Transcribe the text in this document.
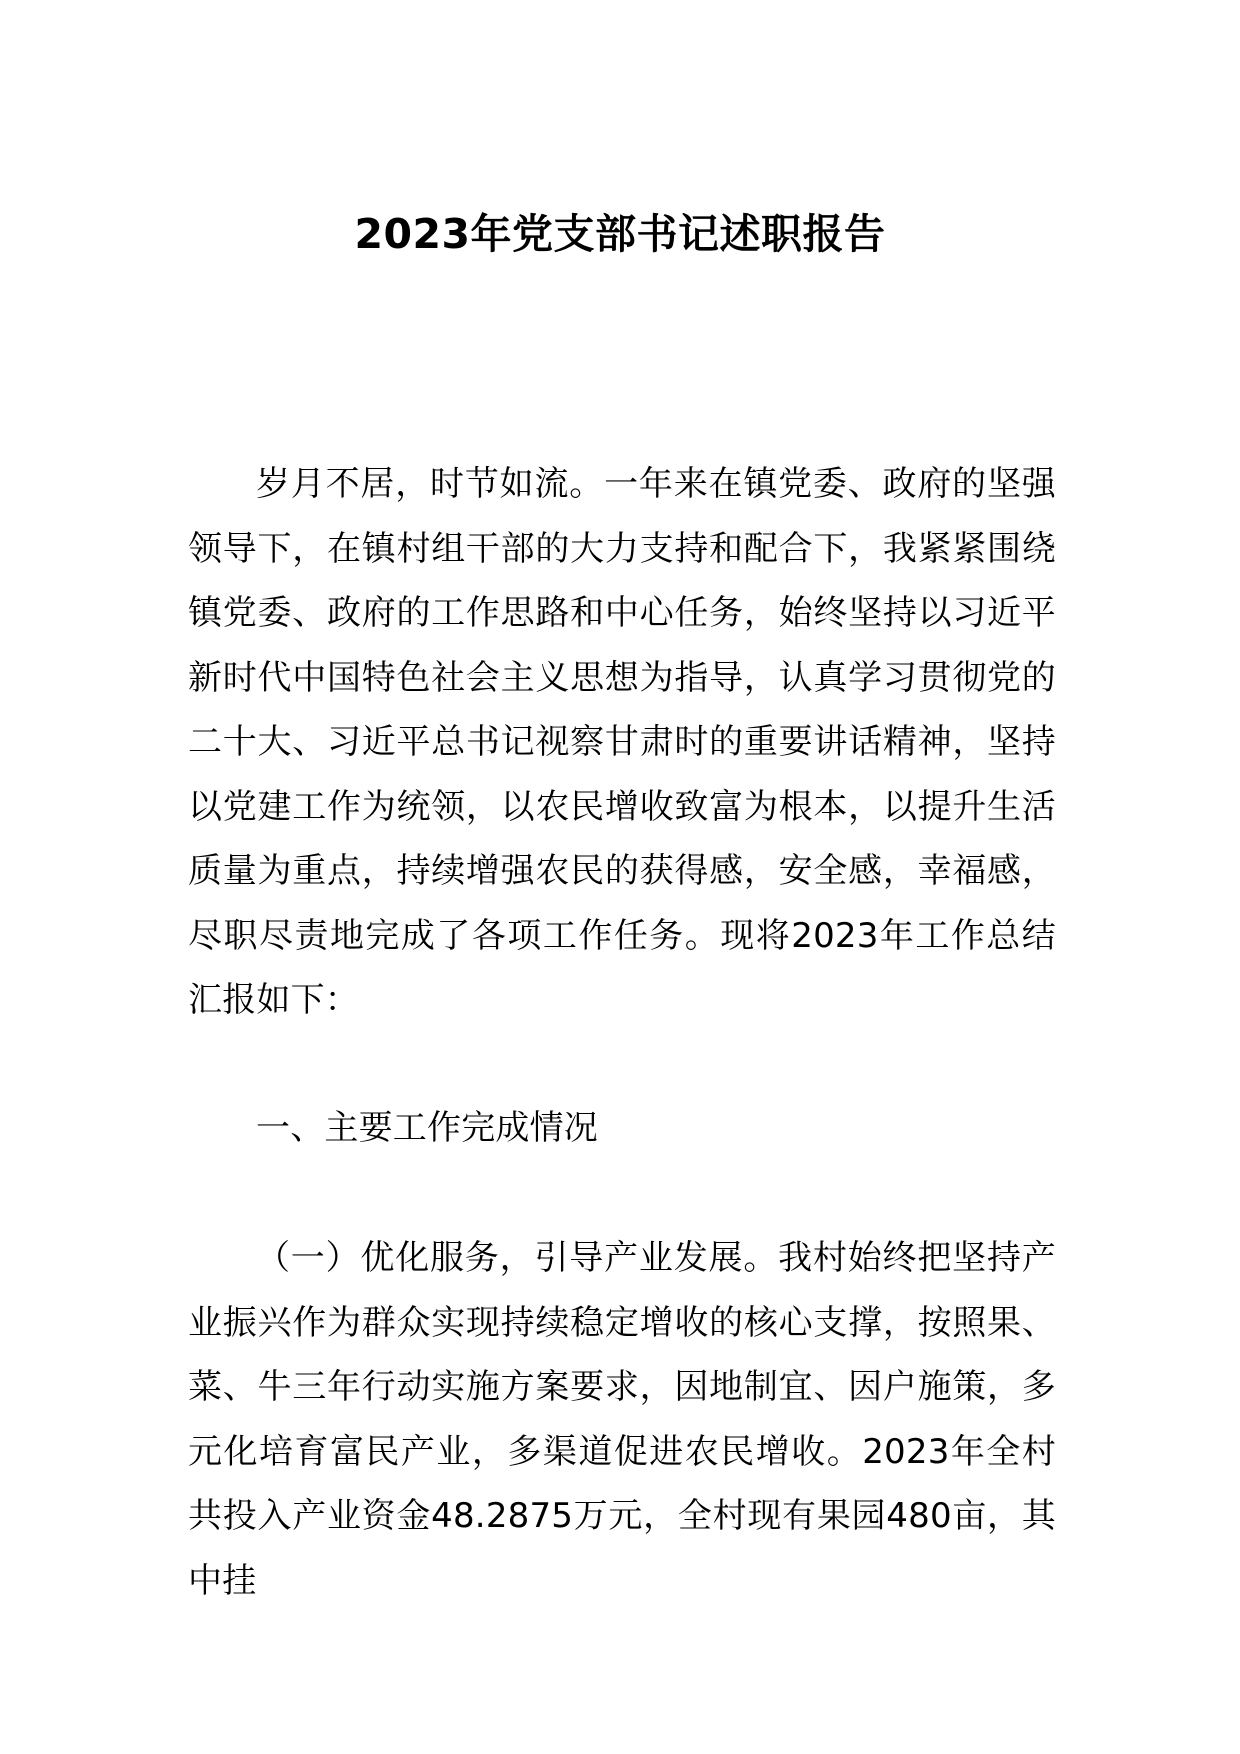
2023年党支部书记述职报告

岁月不居，时节如流。一年来在镇党委、政府的坚强领导下，在镇村组干部的大力支持和配合下，我紧紧围绕镇党委、政府的工作思路和中心任务，始终坚持以习近平新时代中国特色社会主义思想为指导，认真学习贯彻党的二十大、习近平总书记视察甘肃时的重要讲话精神，坚持以党建工作为统领，以农民增收致富为根本，以提升生活质量为重点，持续增强农民的获得感，安全感，幸福感，尽职尽责地完成了各项工作任务。现将2023年工作总结汇报如下：

一、主要工作完成情况

（一）优化服务，引导产业发展。我村始终把坚持产业振兴作为群众实现持续稳定增收的核心支撑，按照果、菜、牛三年行动实施方案要求，因地制宜、因户施策，多元化培育富民产业，多渠道促进农民增收。2023年全村共投入产业资金48.2875万元，全村现有果园480亩，其中挂
